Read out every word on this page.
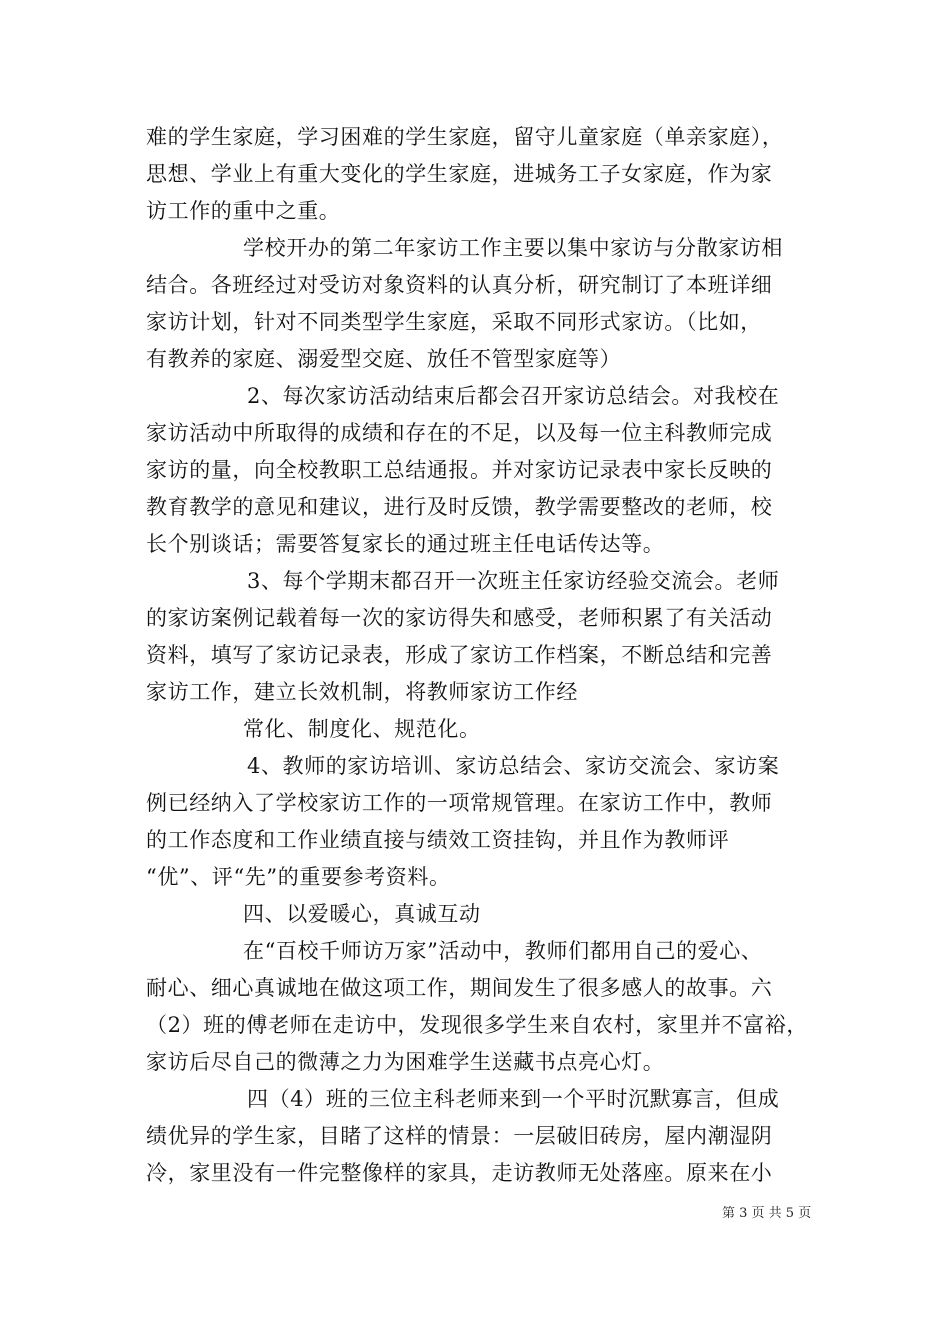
难的学生家庭，学习困难的学生家庭，留守儿童家庭（单亲家庭），
思想、学业上有重大变化的学生家庭，进城务工子女家庭，作为家
访工作的重中之重。
学校开办的第二年家访工作主要以集中家访与分散家访相
结合。各班经过对受访对象资料的认真分析，研究制订了本班详细
家访计划，针对不同类型学生家庭，采取不同形式家访。（比如，
有教养的家庭、溺爱型交庭、放任不管型家庭等）
2、每次家访活动结束后都会召开家访总结会。对我校在
家访活动中所取得的成绩和存在的不足，以及每一位主科教师完成
家访的量，向全校教职工总结通报。并对家访记录表中家长反映的
教育教学的意见和建议，进行及时反馈，教学需要整改的老师，校
长个别谈话；需要答复家长的通过班主任电话传达等。
3、每个学期末都召开一次班主任家访经验交流会。老师
的家访案例记载着每一次的家访得失和感受，老师积累了有关活动
资料，填写了家访记录表，形成了家访工作档案，不断总结和完善
家访工作，建立长效机制，将教师家访工作经
常化、制度化、规范化。
4、教师的家访培训、家访总结会、家访交流会、家访案
例已经纳入了学校家访工作的一项常规管理。在家访工作中，教师
的工作态度和工作业绩直接与绩效工资挂钩，并且作为教师评
“优”、评“先”的重要参考资料。
四、以爱暖心，真诚互动
在“百校千师访万家”活动中，教师们都用自己的爱心、
耐心、细心真诚地在做这项工作，期间发生了很多感人的故事。六
（2）班的傅老师在走访中，发现很多学生来自农村，家里并不富裕，
家访后尽自己的微薄之力为困难学生送藏书点亮心灯。
四（4）班的三位主科老师来到一个平时沉默寡言，但成
绩优异的学生家，目睹了这样的情景：一层破旧砖房，屋内潮湿阴
冷，家里没有一件完整像样的家具，走访教师无处落座。原来在小
第 3 页 共 5 页
